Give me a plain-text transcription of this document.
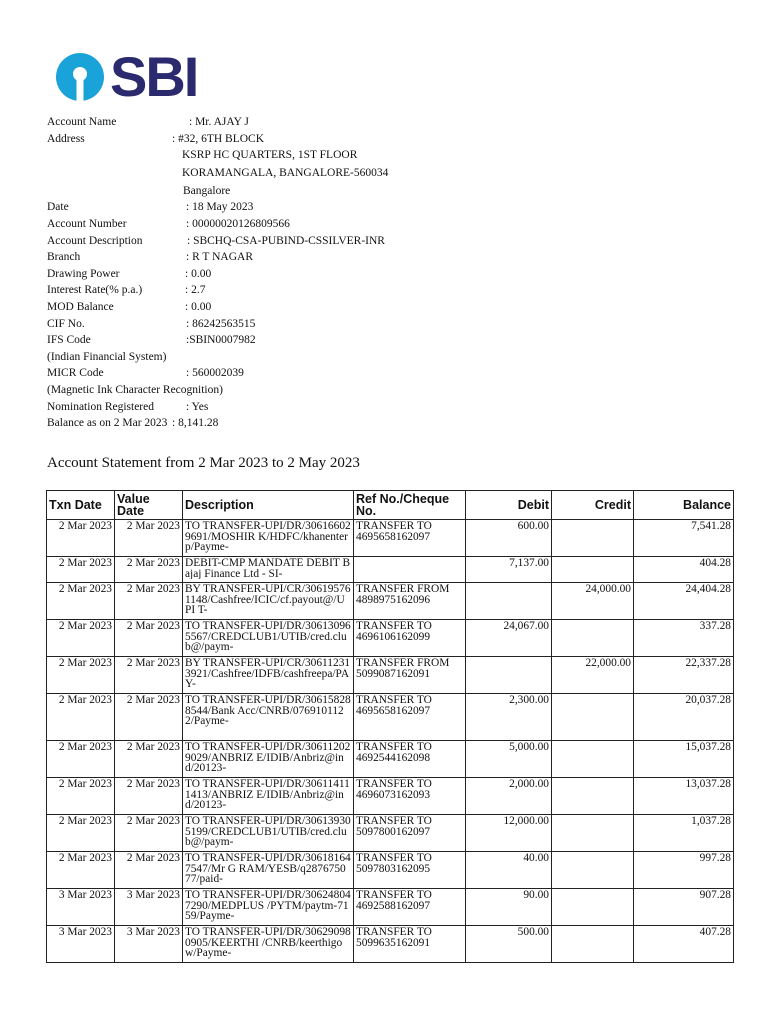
SBI
Account Name	: Mr. AJAY J
Address	: #32, 6TH BLOCK
KSRP HC QUARTERS, 1ST FLOOR
KORAMANGALA, BANGALORE-560034
Bangalore
Date	: 18 May 2023
Account Number	: 00000020126809566
Account Description	: SBCHQ-CSA-PUBIND-CSSILVER-INR
Branch	: R T NAGAR
Drawing Power	: 0.00
Interest Rate(% p.a.)	: 2.7
MOD Balance	: 0.00
CIF No.	: 86242563515
IFS Code	:SBIN0007982
(Indian Financial System)
MICR Code	: 560002039
(Magnetic Ink Character Recognition)
Nomination Registered	: Yes
Balance as on 2 Mar 2023 : 8,141.28
Account Statement from 2 Mar 2023 to 2 May 2023
Txn Date	Value Date	Description	Ref No./Cheque No.	Debit	Credit	Balance
2 Mar 2023	2 Mar 2023	TO TRANSFER-UPI/DR/306166029691/MOSHIR K/HDFC/khanenterp/Payme-	TRANSFER TO 4695658162097	600.00		7,541.28
2 Mar 2023	2 Mar 2023	DEBIT-CMP MANDATE DEBIT Bajaj Finance Ltd - SI-		7,137.00		404.28
2 Mar 2023	2 Mar 2023	BY TRANSFER-UPI/CR/306195761148/Cashfree/ICIC/cf.payout@/UPI T-	TRANSFER FROM 4898975162096		24,000.00	24,404.28
2 Mar 2023	2 Mar 2023	TO TRANSFER-UPI/DR/306130965567/CREDCLUB1/UTIB/cred.club@/paym-	TRANSFER TO 4696106162099	24,067.00		337.28
2 Mar 2023	2 Mar 2023	BY TRANSFER-UPI/CR/306112313921/Cashfree/IDFB/cashfreepa/PAY-	TRANSFER FROM 5099087162091		22,000.00	22,337.28
2 Mar 2023	2 Mar 2023	TO TRANSFER-UPI/DR/306158288544/Bank Acc/CNRB/0769101122/Payme-	TRANSFER TO 4695658162097	2,300.00		20,037.28
2 Mar 2023	2 Mar 2023	TO TRANSFER-UPI/DR/306112029029/ANBRIZ E/IDIB/Anbriz@ind/20123-	TRANSFER TO 4692544162098	5,000.00		15,037.28
2 Mar 2023	2 Mar 2023	TO TRANSFER-UPI/DR/306114111413/ANBRIZ E/IDIB/Anbriz@ind/20123-	TRANSFER TO 4696073162093	2,000.00		13,037.28
2 Mar 2023	2 Mar 2023	TO TRANSFER-UPI/DR/306139305199/CREDCLUB1/UTIB/cred.club@/paym-	TRANSFER TO 5097800162097	12,000.00		1,037.28
2 Mar 2023	2 Mar 2023	TO TRANSFER-UPI/DR/306181647547/Mr G RAM/YESB/q287675077/paid-	TRANSFER TO 5097803162095	40.00		997.28
3 Mar 2023	3 Mar 2023	TO TRANSFER-UPI/DR/306248047290/MEDPLUS /PYTM/paytm-7159/Payme-	TRANSFER TO 4692588162097	90.00		907.28
3 Mar 2023	3 Mar 2023	TO TRANSFER-UPI/DR/306290980905/KEERTHI /CNRB/keerthigow/Payme-	TRANSFER TO 5099635162091	500.00		407.28
